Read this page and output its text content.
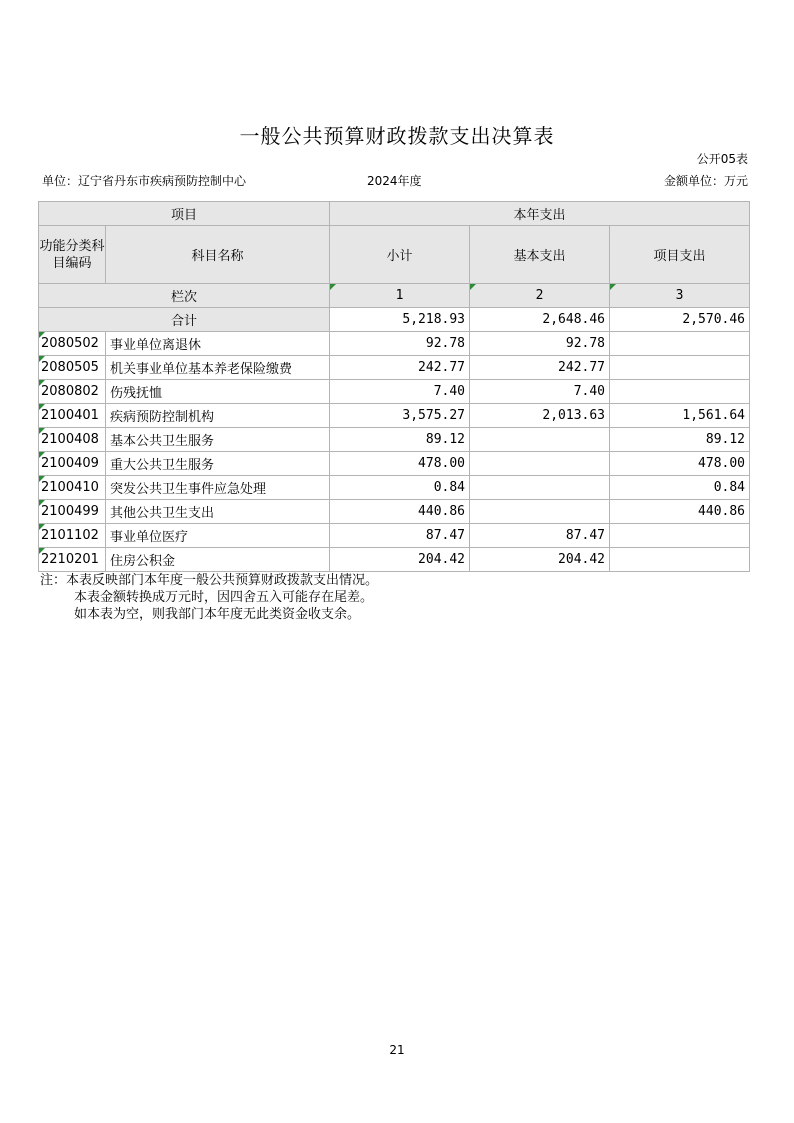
一般公共预算财政拨款支出决算表
公开05表
单位：辽宁省丹东市疾病预防控制中心	2024年度	金额单位：万元
项目		本年支出		
功能分类科目编码	科目名称	小计	基本支出	项目支出
栏次		1	2	3
合计		5,218.93	2,648.46	2,570.46
2080502	事业单位离退休	92.78	92.78	
2080505	机关事业单位基本养老保险缴费	242.77	242.77	
2080802	伤残抚恤	7.40	7.40	
2100401	疾病预防控制机构	3,575.27	2,013.63	1,561.64
2100408	基本公共卫生服务	89.12		89.12
2100409	重大公共卫生服务	478.00		478.00
2100410	突发公共卫生事件应急处理	0.84		0.84
2100499	其他公共卫生支出	440.86		440.86
2101102	事业单位医疗	87.47	87.47	
2210201	住房公积金	204.42	204.42	
注：本表反映部门本年度一般公共预算财政拨款支出情况。
本表金额转换成万元时，因四舍五入可能存在尾差。
如本表为空，则我部门本年度无此类资金收支余。
21
